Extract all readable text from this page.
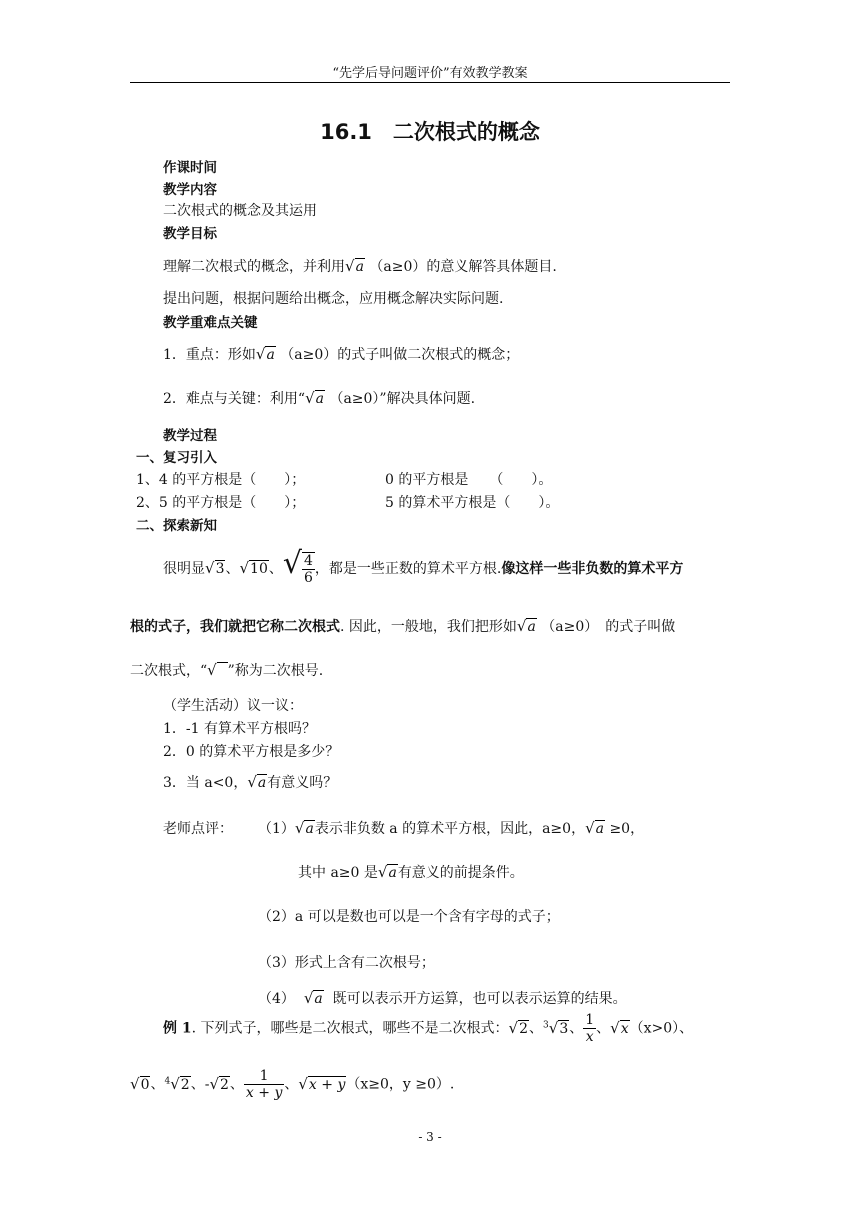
“先学后导问题评价”有效教学教案
16.1　二次根式的概念
作课时间
教学内容
二次根式的概念及其运用
教学目标
理解二次根式的概念，并利用√a （a≥0）的意义解答具体题目.
提出问题，根据问题给出概念，应用概念解决实际问题.
教学重难点关键
1．重点：形如√a （a≥0）的式子叫做二次根式的概念；
2．难点与关键：利用“√a （a≥0）”解决具体问题.
教学过程
一、复习引入
1、4 的平方根是（　　）；	0 的平方根是　　（　　）。
2、5 的平方根是（　　）；	5 的算术平方根是（　　）。
二、探索新知
很明显√3、√10、√ $\frac{4}{6}$ ，都是一些正数的算术平方根.像这样一些非负数的算术平方
根的式子，我们就把它称二次根式. 因此，一般地，我们把形如√a （a≥0）　的式子叫做
二次根式，“√ ”称为二次根号.
（学生活动）议一议：
1．-1 有算术平方根吗？
2．0 的算术平方根是多少？
3．当 a<0，√a有意义吗？
老师点评： （1）√a表示非负数 a 的算术平方根，因此，a≥0，√a ≥0，
其中 a≥0 是√a有意义的前提条件。
（2）a 可以是数也可以是一个含有字母的式子；
（3）形式上含有二次根号；
（4） √a 既可以表示开方运算，也可以表示运算的结果。
例 1. 下列式子，哪些是二次根式，哪些不是二次根式：√2、$^3$√3、 $\frac{1}{x}$ 、√x（x>0）、
√0、$^4$√2、-√2、 $\frac{1}{x + y}$ 、√x + y（x≥0，y ≥0）.
- 3 -
